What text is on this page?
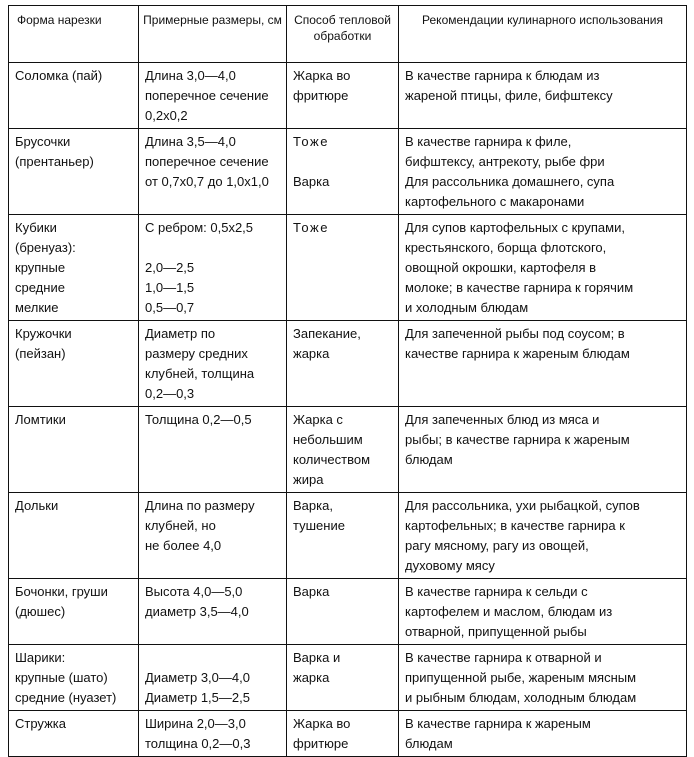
Форма нарезки	Примерные размеры, см	Способ тепловой обработки	Рекомендации кулинарного использования

Соломка (пай)	Длина 3,0—4,0
поперечное сечение
0,2х0,2	Жарка во
фритюре	В качестве гарнира к блюдам из
жареной птицы, филе, бифштексу

Брусочки
(прентаньер)	Длина 3,5—4,0
поперечное сечение
от 0,7х0,7 до 1,0х1,0	Тоже
Варка	В качестве гарнира к филе,
бифштексу, антрекоту, рыбе фри
Для рассольника домашнего, супа
картофельного с макаронами

Кубики
(бренуаз):
крупные
средние
мелкие	С ребром: 0,5х2,5
2,0—2,5
1,0—1,5
0,5—0,7	Тоже	Для супов картофельных с крупами,
крестьянского, борща флотского,
овощной окрошки, картофеля в
молоке; в качестве гарнира к горячим
и холодным блюдам

Кружочки
(пейзан)	Диаметр по
размеру средних
клубней, толщина
0,2—0,3	Запекание,
жарка	Для запеченной рыбы под соусом; в
качестве гарнира к жареным блюдам

Ломтики	Толщина 0,2—0,5	Жарка с
небольшим
количеством
жира	Для запеченных блюд из мяса и
рыбы; в качестве гарнира к жареным
блюдам

Дольки	Длина по размеру
клубней, но
не более 4,0	Варка,
тушение	Для рассольника, ухи рыбацкой, супов
картофельных; в качестве гарнира к
рагу мясному, рагу из овощей,
духовому мясу

Бочонки, груши
(дюшес)	Высота 4,0—5,0
диаметр 3,5—4,0	Варка	В качестве гарнира к сельди с
картофелем и маслом, блюдам из
отварной, припущенной рыбы

Шарики:
крупные (шато)
средние (нуазет)	Диаметр 3,0—4,0
Диаметр 1,5—2,5	Варка и
жарка	В качестве гарнира к отварной и
припущенной рыбе, жареным мясным
и рыбным блюдам, холодным блюдам

Стружка	Ширина 2,0—3,0
толщина 0,2—0,3	Жарка во
фритюре	В качестве гарнира к жареным
блюдам
